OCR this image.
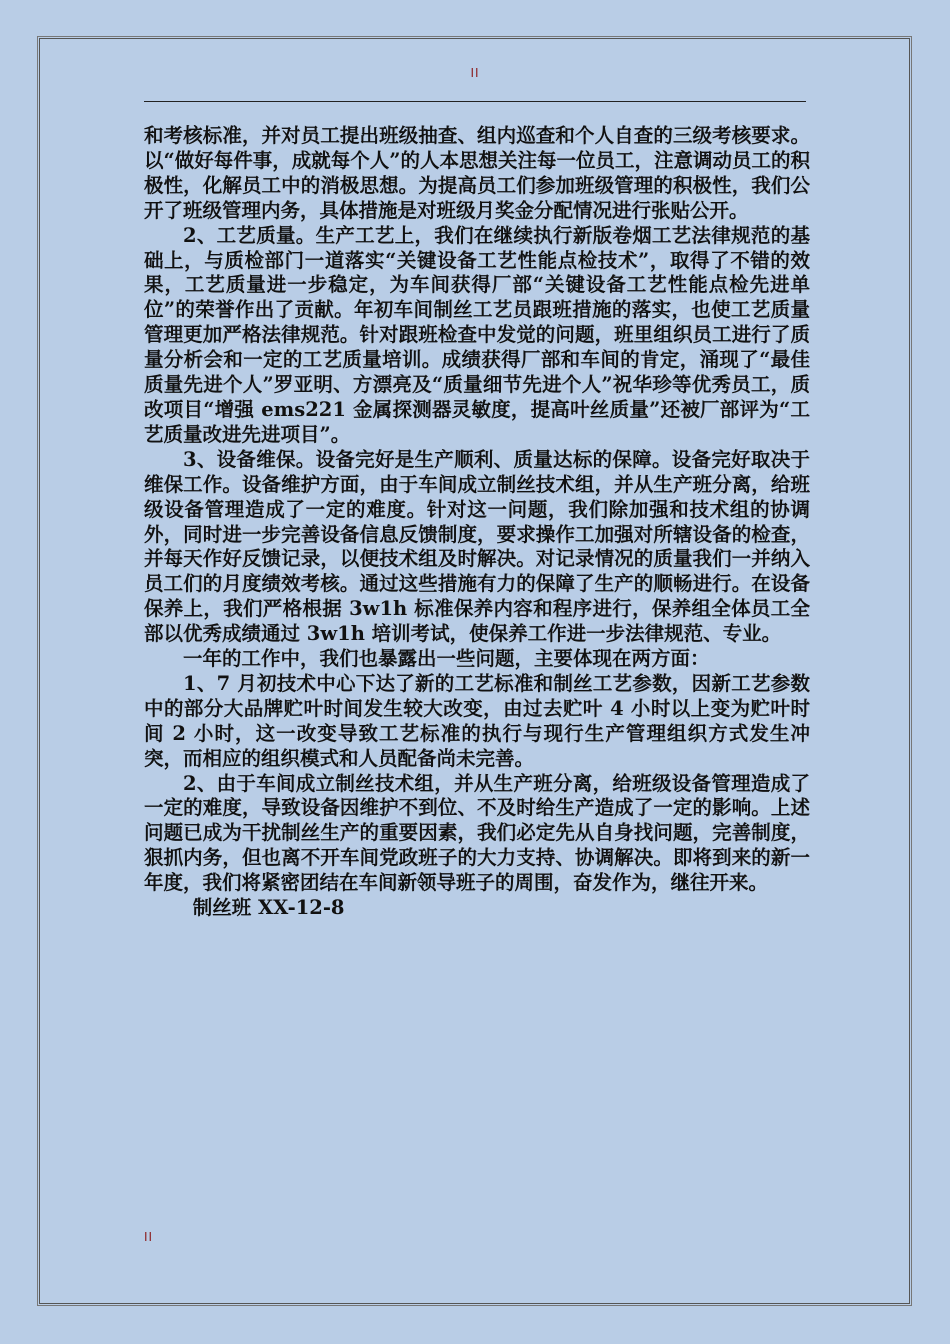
II

和考核标准，并对员工提出班级抽查、组内巡查和个人自查的三级考核要求。以“做好每件事，成就每个人”的人本思想关注每一位员工，注意调动员工的积极性，化解员工中的消极思想。为提高员工们参加班级管理的积极性，我们公开了班级管理内务，具体措施是对班级月奖金分配情况进行张贴公开。

2、工艺质量。生产工艺上，我们在继续执行新版卷烟工艺法律规范的基础上，与质检部门一道落实“关键设备工艺性能点检技术”，取得了不错的效果，工艺质量进一步稳定，为车间获得厂部“关键设备工艺性能点检先进单位”的荣誉作出了贡献。年初车间制丝工艺员跟班措施的落实，也使工艺质量管理更加严格法律规范。针对跟班检查中发觉的问题，班里组织员工进行了质量分析会和一定的工艺质量培训。成绩获得厂部和车间的肯定，涌现了“最佳质量先进个人”罗亚明、方漂亮及“质量细节先进个人”祝华珍等优秀员工，质改项目“增强 ems221 金属探测器灵敏度，提高叶丝质量”还被厂部评为“工艺质量改进先进项目”。

3、设备维保。设备完好是生产顺利、质量达标的保障。设备完好取决于维保工作。设备维护方面，由于车间成立制丝技术组，并从生产班分离，给班级设备管理造成了一定的难度。针对这一问题，我们除加强和技术组的协调外，同时进一步完善设备信息反馈制度，要求操作工加强对所辖设备的检查，并每天作好反馈记录，以便技术组及时解决。对记录情况的质量我们一并纳入员工们的月度绩效考核。通过这些措施有力的保障了生产的顺畅进行。在设备保养上，我们严格根据 3w1h 标准保养内容和程序进行，保养组全体员工全部以优秀成绩通过 3w1h 培训考试，使保养工作进一步法律规范、专业。

一年的工作中，我们也暴露出一些问题，主要体现在两方面：

1、7 月初技术中心下达了新的工艺标准和制丝工艺参数，因新工艺参数中的部分大品牌贮叶时间发生较大改变，由过去贮叶 4 小时以上变为贮叶时间 2 小时，这一改变导致工艺标准的执行与现行生产管理组织方式发生冲突，而相应的组织模式和人员配备尚未完善。

2、由于车间成立制丝技术组，并从生产班分离，给班级设备管理造成了一定的难度，导致设备因维护不到位、不及时给生产造成了一定的影响。上述问题已成为干扰制丝生产的重要因素，我们必定先从自身找问题，完善制度，狠抓内务，但也离不开车间党政班子的大力支持、协调解决。即将到来的新一年度，我们将紧密团结在车间新领导班子的周围，奋发作为，继往开来。

制丝班 XX-12-8

II
